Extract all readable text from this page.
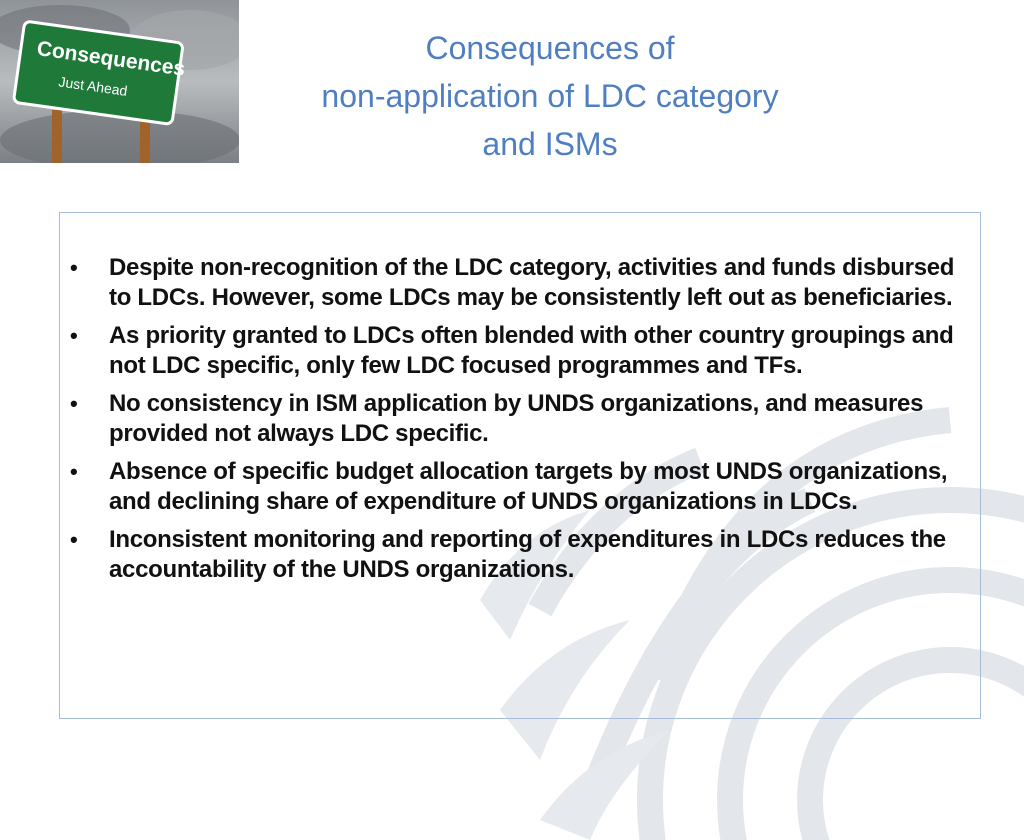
Consequences
Just Ahead
Consequences of
non-application of LDC category
and ISMs
• Despite non-recognition of the LDC category, activities and funds disbursed to LDCs. However, some LDCs may be consistently left out as beneficiaries.
• As priority granted to LDCs often blended with other country groupings and not LDC specific, only few LDC focused programmes and TFs.
• No consistency in ISM application by UNDS organizations, and measures provided not always LDC specific.
• Absence of specific budget allocation targets by most UNDS organizations, and declining share of expenditure of UNDS organizations in LDCs.
• Inconsistent monitoring and reporting of expenditures in LDCs reduces the accountability of the UNDS organizations.
